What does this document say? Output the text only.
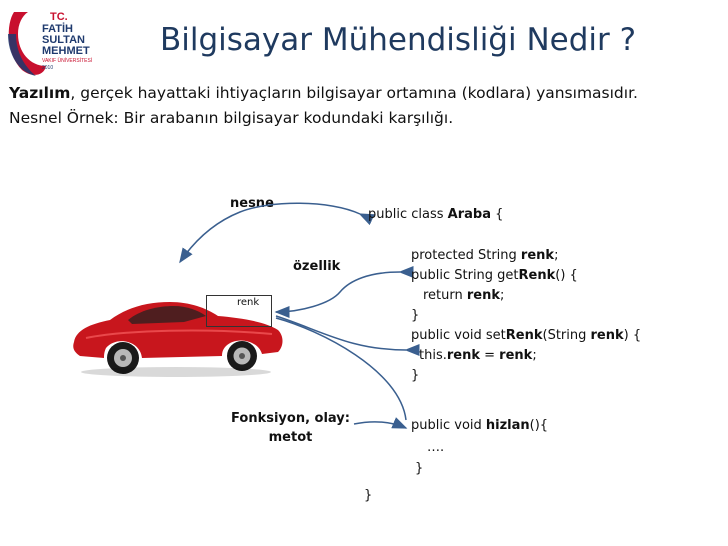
TC.
FATİH
SULTAN
MEHMET
VAKIF ÜNİVERSİTESİ
2010
Bilgisayar Mühendisliği Nedir ?
Yazılım, gerçek hayattaki ihtiyaçların bilgisayar ortamına (kodlara) yansımasıdır.
Nesnel Örnek: Bir arabanın bilgisayar kodundaki karşılığı.
renk
nesne
özellik
Fonksiyon, olay:
metot
public class Araba {
protected String renk;
public String getRenk() {
return renk;
}
public void setRenk(String renk) {
this.renk = renk;
}
public void hizlan(){
….
}
}
